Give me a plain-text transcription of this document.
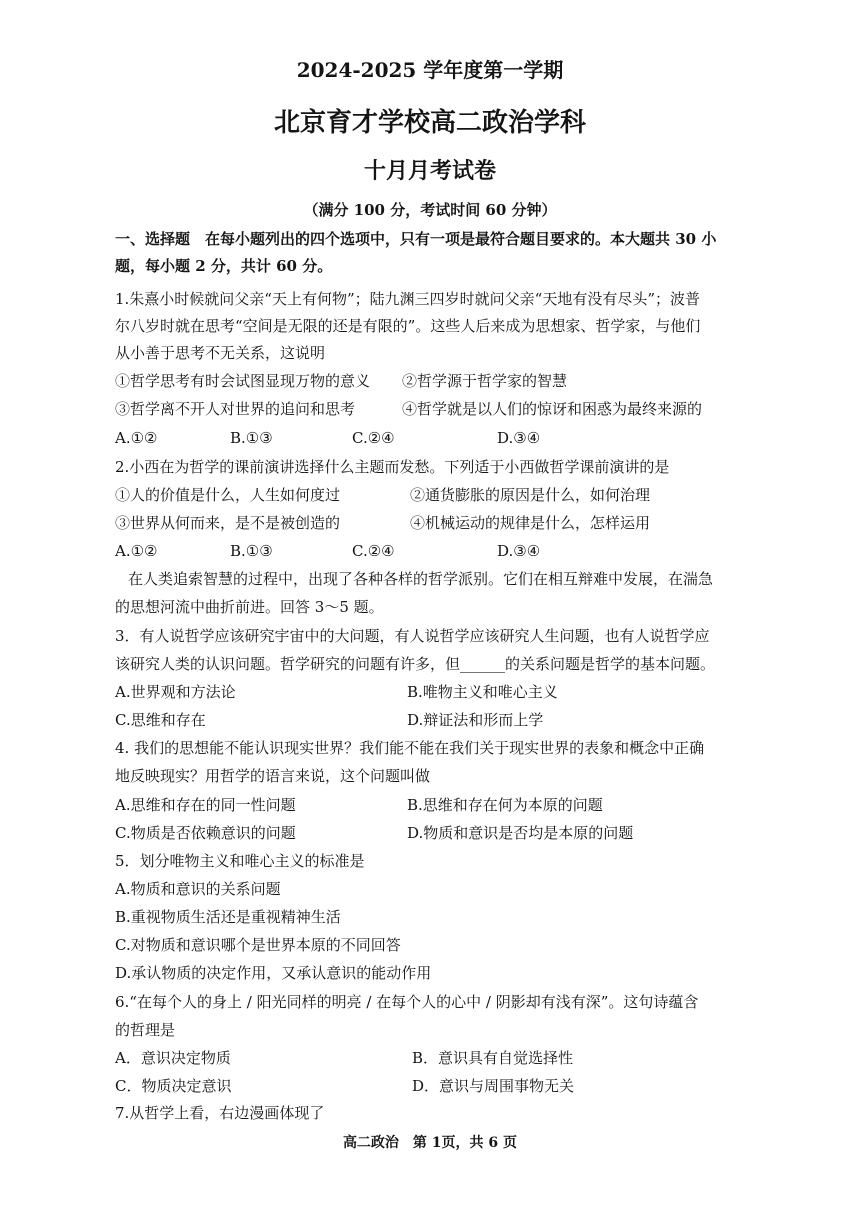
2024-2025 学年度第一学期
北京育才学校高二政治学科
十月月考试卷
（满分 100 分，考试时间 60 分钟）
一、选择题　在每小题列出的四个选项中，只有一项是最符合题目要求的。本大题共 30 小
题，每小题 2 分，共计 60 分。
1.朱熹小时候就问父亲“天上有何物”；陆九渊三四岁时就问父亲“天地有没有尽头”；波普
尔八岁时就在思考“空间是无限的还是有限的”。这些人后来成为思想家、哲学家，与他们
从小善于思考不无关系，这说明
①哲学思考有时会试图显现万物的意义 ②哲学源于哲学家的智慧
③哲学离不开人对世界的追问和思考	④哲学就是以人们的惊讶和困惑为最终来源的
A.①②	B.①③	C.②④	D.③④
2.小西在为哲学的课前演讲选择什么主题而发愁。下列适于小西做哲学课前演讲的是
①人的价值是什么，人生如何度过	②通货膨胀的原因是什么，如何治理
③世界从何而来，是不是被创造的	④机械运动的规律是什么，怎样运用
A.①②	B.①③	C.②④	D.③④
在人类追索智慧的过程中，出现了各种各样的哲学派别。它们在相互辩难中发展，在湍急
的思想河流中曲折前进。回答 3～5 题。
3．有人说哲学应该研究宇宙中的大问题，有人说哲学应该研究人生问题，也有人说哲学应
该研究人类的认识问题。哲学研究的问题有许多，但______的关系问题是哲学的基本问题。
A.世界观和方法论	B.唯物主义和唯心主义
C.思维和存在	D.辩证法和形而上学
4. 我们的思想能不能认识现实世界？我们能不能在我们关于现实世界的表象和概念中正确
地反映现实？用哲学的语言来说，这个问题叫做
A.思维和存在的同一性问题	B.思维和存在何为本原的问题
C.物质是否依赖意识的问题	D.物质和意识是否均是本原的问题
5．划分唯物主义和唯心主义的标准是
A.物质和意识的关系问题
B.重视物质生活还是重视精神生活
C.对物质和意识哪个是世界本原的不同回答
D.承认物质的决定作用，又承认意识的能动作用
6.“在每个人的身上 / 阳光同样的明亮 / 在每个人的心中 / 阴影却有浅有深”。这句诗蕴含
的哲理是
A．意识决定物质	B．意识具有自觉选择性
C．物质决定意识	D．意识与周围事物无关
7.从哲学上看，右边漫画体现了
高二政治　第 1页，共 6 页
